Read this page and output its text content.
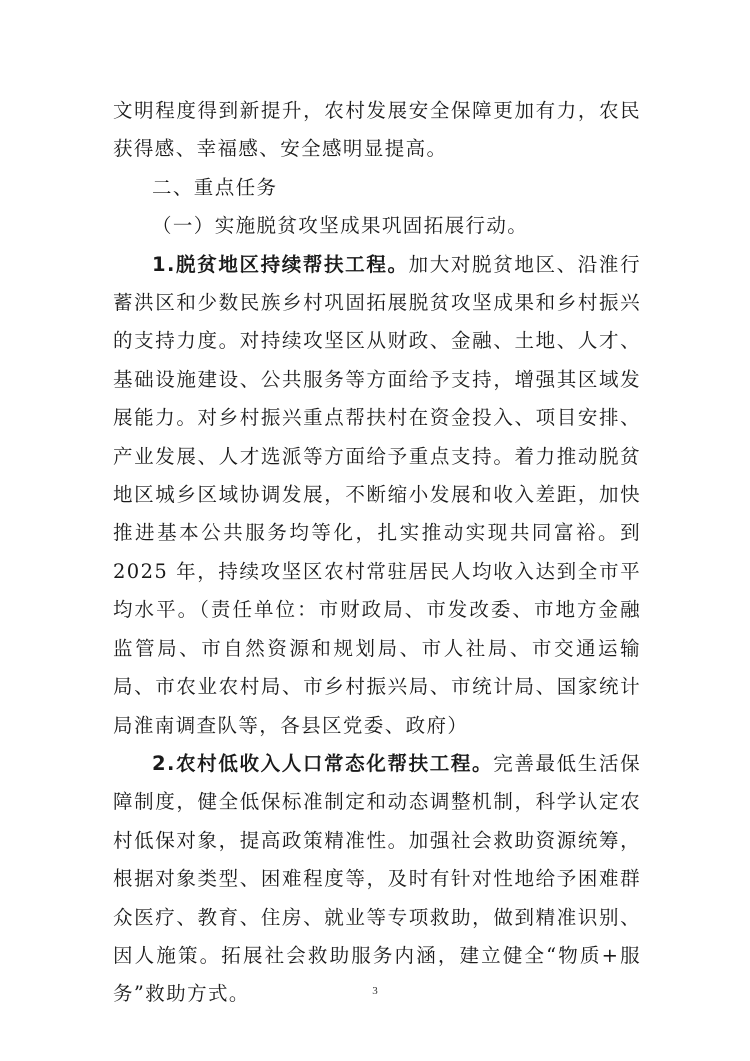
文明程度得到新提升，农村发展安全保障更加有力，农民获得感、幸福感、安全感明显提高。

二、重点任务

（一）实施脱贫攻坚成果巩固拓展行动。

1.脱贫地区持续帮扶工程。加大对脱贫地区、沿淮行蓄洪区和少数民族乡村巩固拓展脱贫攻坚成果和乡村振兴的支持力度。对持续攻坚区从财政、金融、土地、人才、基础设施建设、公共服务等方面给予支持，增强其区域发展能力。对乡村振兴重点帮扶村在资金投入、项目安排、产业发展、人才选派等方面给予重点支持。着力推动脱贫地区城乡区域协调发展，不断缩小发展和收入差距，加快推进基本公共服务均等化，扎实推动实现共同富裕。到 2025 年，持续攻坚区农村常驻居民人均收入达到全市平均水平。（责任单位：市财政局、市发改委、市地方金融监管局、市自然资源和规划局、市人社局、市交通运输局、市农业农村局、市乡村振兴局、市统计局、国家统计局淮南调查队等，各县区党委、政府）

2.农村低收入人口常态化帮扶工程。完善最低生活保障制度，健全低保标准制定和动态调整机制，科学认定农村低保对象，提高政策精准性。加强社会救助资源统筹，根据对象类型、困难程度等，及时有针对性地给予困难群众医疗、教育、住房、就业等专项救助，做到精准识别、因人施策。拓展社会救助服务内涵，建立健全“物质+服务”救助方式。	3
